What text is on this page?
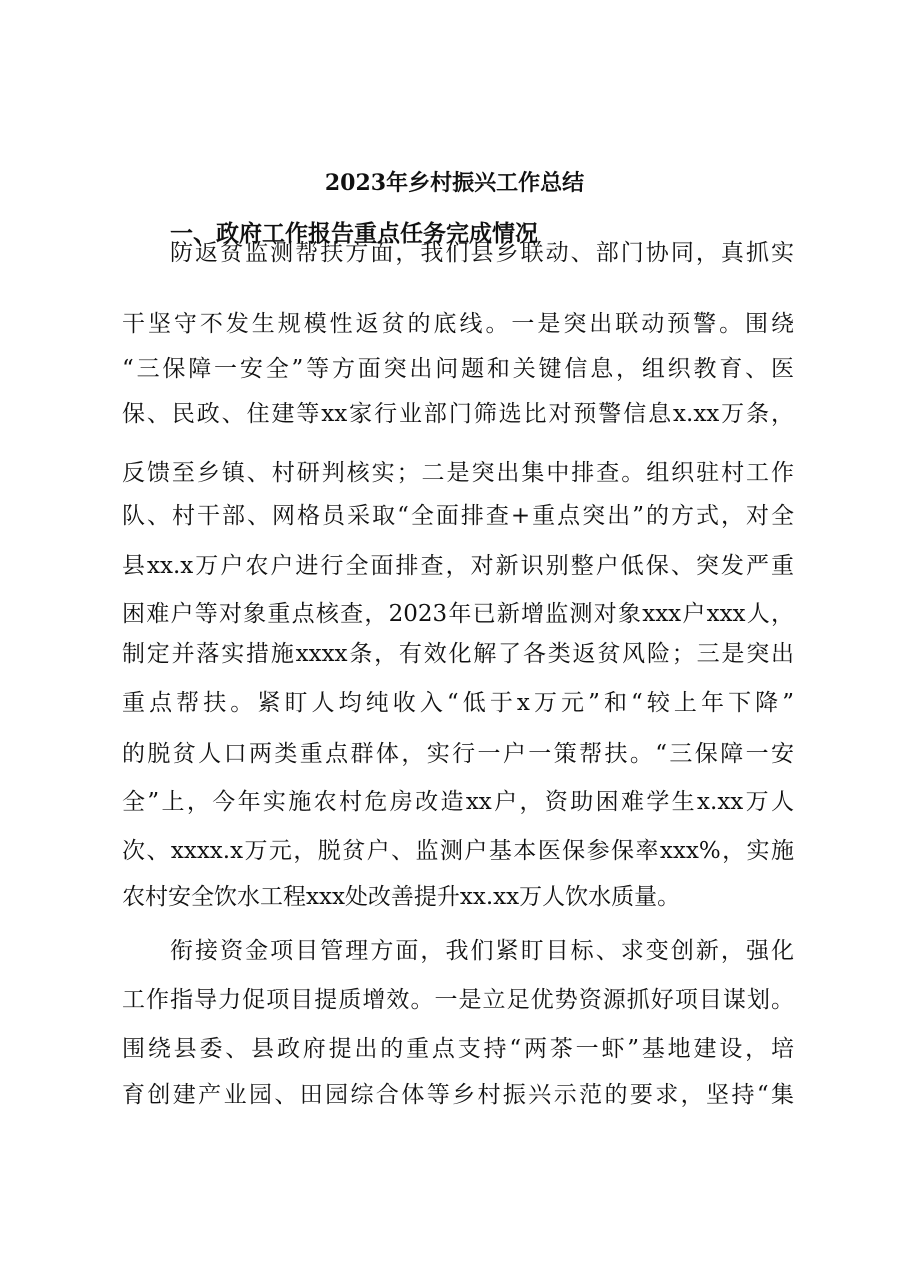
2023年乡村振兴工作总结
一、政府工作报告重点任务完成情况
防返贫监测帮扶方面，我们县乡联动、部门协同，真抓实
干坚守不发生规模性返贫的底线。一是突出联动预警。围绕
“三保障一安全”等方面突出问题和关键信息，组织教育、医
保、民政、住建等xx家行业部门筛选比对预警信息x.xx万条，
反馈至乡镇、村研判核实；二是突出集中排查。组织驻村工作
队、村干部、网格员采取“全面排查+重点突出”的方式，对全
县xx.x万户农户进行全面排查，对新识别整户低保、突发严重
困难户等对象重点核查，2023年已新增监测对象xxx户xxx人，
制定并落实措施xxxx条，有效化解了各类返贫风险；三是突出
重点帮扶。紧盯人均纯收入“低于x万元”和“较上年下降”
的脱贫人口两类重点群体，实行一户一策帮扶。“三保障一安
全”上，今年实施农村危房改造xx户，资助困难学生x.xx万人
次、xxxx.x万元，脱贫户、监测户基本医保参保率xxx%，实施
农村安全饮水工程xxx处改善提升xx.xx万人饮水质量。
衔接资金项目管理方面，我们紧盯目标、求变创新，强化
工作指导力促项目提质增效。一是立足优势资源抓好项目谋划。
围绕县委、县政府提出的重点支持“两茶一虾”基地建设，培
育创建产业园、田园综合体等乡村振兴示范的要求，坚持“集
